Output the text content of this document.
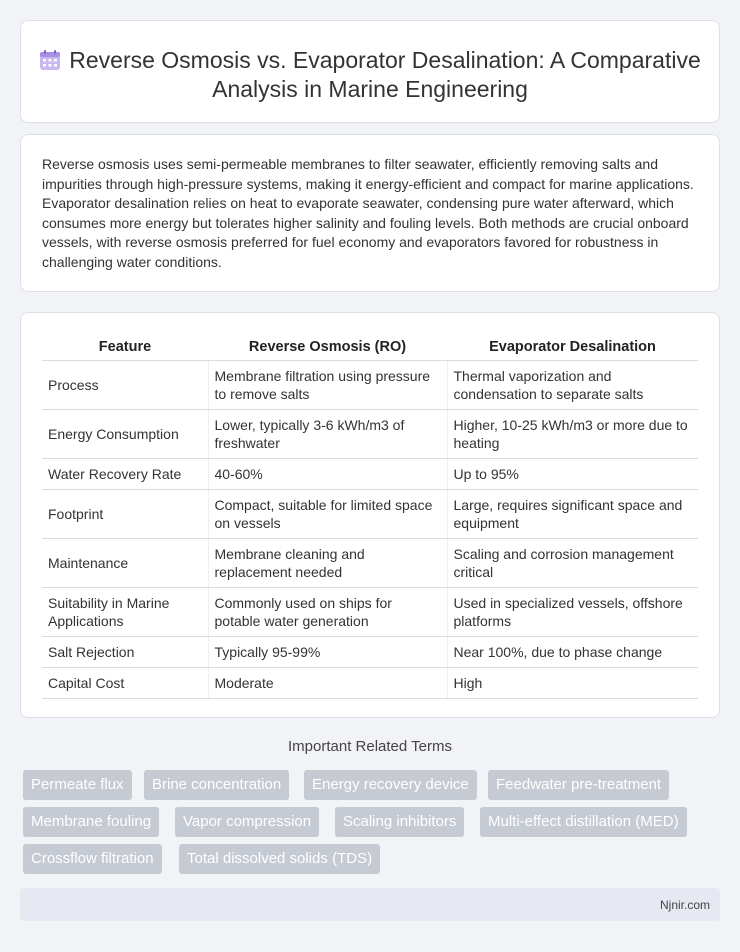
Reverse Osmosis vs. Evaporator Desalination: A Comparative Analysis in Marine Engineering

Reverse osmosis uses semi-permeable membranes to filter seawater, efficiently removing salts and impurities through high-pressure systems, making it energy-efficient and compact for marine applications. Evaporator desalination relies on heat to evaporate seawater, condensing pure water afterward, which consumes more energy but tolerates higher salinity and fouling levels. Both methods are crucial onboard vessels, with reverse osmosis preferred for fuel economy and evaporators favored for robustness in challenging water conditions.

Feature	Reverse Osmosis (RO)	Evaporator Desalination
Process	Membrane filtration using pressure to remove salts	Thermal vaporization and condensation to separate salts
Energy Consumption	Lower, typically 3-6 kWh/m3 of freshwater	Higher, 10-25 kWh/m3 or more due to heating
Water Recovery Rate	40-60%	Up to 95%
Footprint	Compact, suitable for limited space on vessels	Large, requires significant space and equipment
Maintenance	Membrane cleaning and replacement needed	Scaling and corrosion management critical
Suitability in Marine Applications	Commonly used on ships for potable water generation	Used in specialized vessels, offshore platforms
Salt Rejection	Typically 95-99%	Near 100%, due to phase change
Capital Cost	Moderate	High
Important Related Terms
Permeate flux	Brine concentration	Energy recovery device	Feedwater pre-treatment
Membrane fouling	Vapor compression	Scaling inhibitors	Multi-effect distillation (MED)
Crossflow filtration	Total dissolved solids (TDS)
Njnir.com
